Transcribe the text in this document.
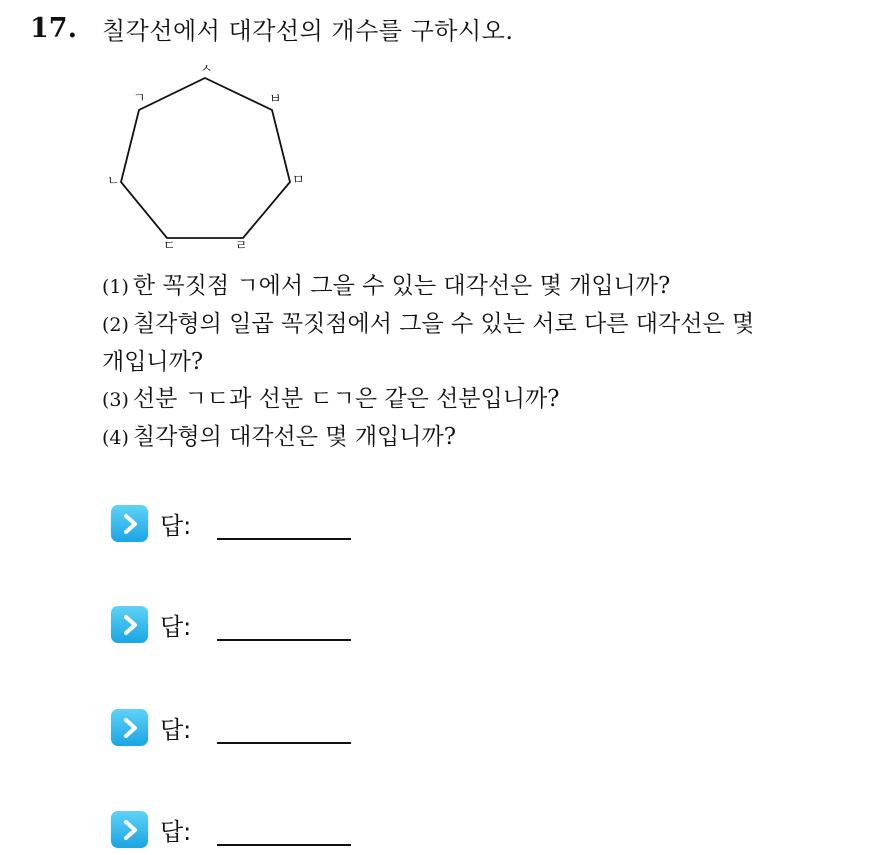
17.	칠각선에서 대각선의 개수를 구하시오.
ㅅ
ㄱ	ㅂ
ㄴ	ㅁ
ㄷ	ㄹ
(1) 한 꼭짓점 ㄱ에서 그을 수 있는 대각선은 몇 개입니까?
(2) 칠각형의 일곱 꼭짓점에서 그을 수 있는 서로 다른 대각선은 몇
개입니까?
(3) 선분 ㄱㄷ과 선분 ㄷㄱ은 같은 선분입니까?
(4) 칠각형의 대각선은 몇 개입니까?
답:
답:
답:
답:
